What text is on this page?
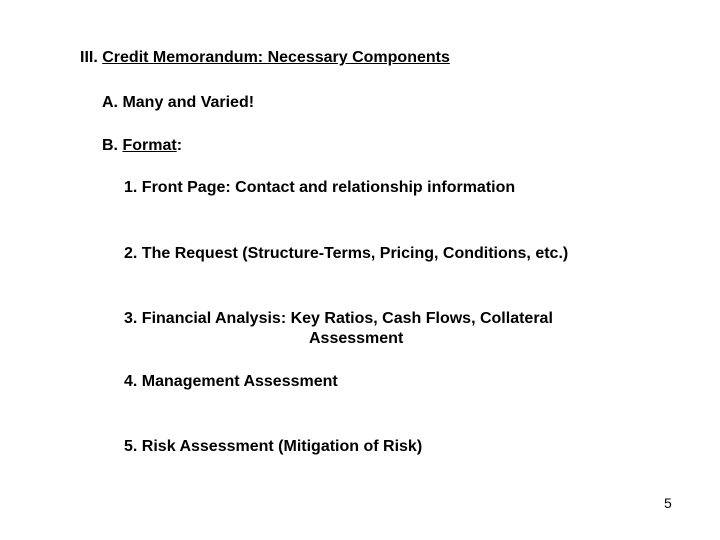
III. Credit Memorandum: Necessary Components
A. Many and Varied!
B. Format:
1. Front Page: Contact and relationship information
2. The Request (Structure-Terms, Pricing, Conditions, etc.)
3. Financial Analysis: Key Ratios, Cash Flows, Collateral
Assessment
4. Management Assessment
5. Risk Assessment (Mitigation of Risk)
5
